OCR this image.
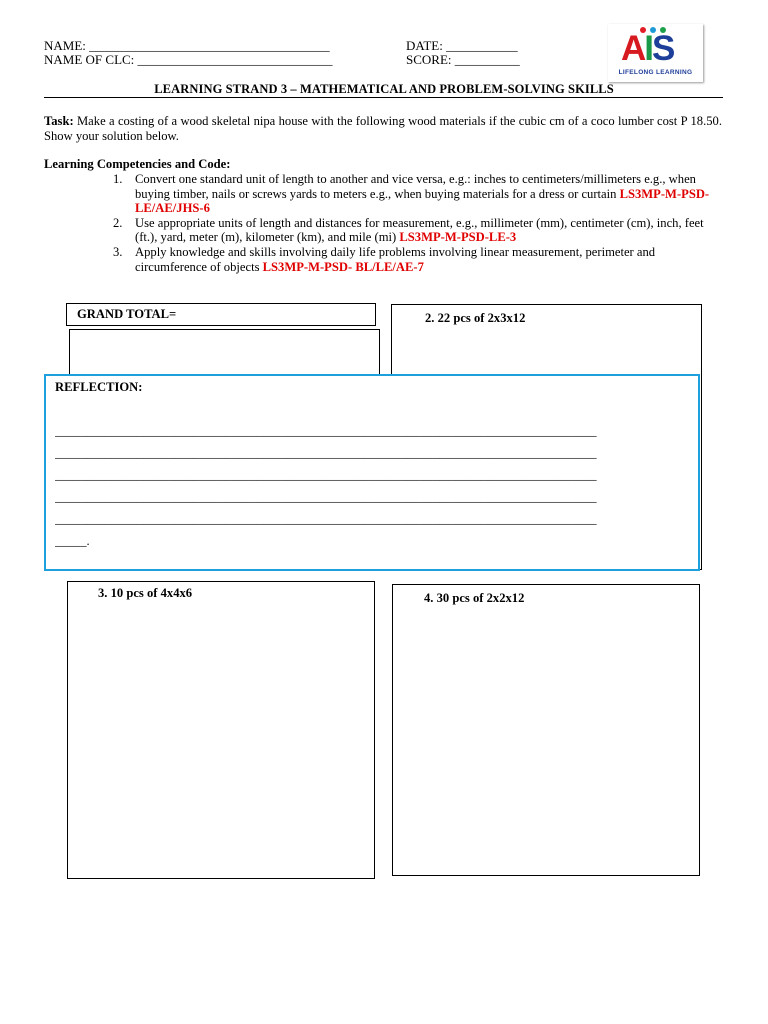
NAME: _____________________________________
NAME OF CLC: ______________________________
DATE: ___________
SCORE: __________	AIS
LIFELONG LEARNING
LEARNING STRAND 3 – MATHEMATICAL AND PROBLEM-SOLVING SKILLS
Task: Make a costing of a wood skeletal nipa house with the following wood materials if the cubic cm of a coco lumber cost P 18.50. Show your solution below.
Learning Competencies and Code:
1. Convert one standard unit of length to another and vice versa, e.g.: inches to centimeters/millimeters e.g., when buying timber, nails or screws yards to meters e.g., when buying materials for a dress or curtain LS3MP-M-PSD-LE/AE/JHS-6
2. Use appropriate units of length and distances for measurement, e.g., millimeter (mm), centimeter (cm), inch, feet (ft.), yard, meter (m), kilometer (km), and mile (mi) LS3MP-M-PSD-LE-3
3. Apply knowledge and skills involving daily life problems involving linear measurement, perimeter and circumference of objects LS3MP-M-PSD- BL/LE/AE-7
GRAND TOTAL=	2. 22 pcs of 2x3x12
REFLECTION:
______________________________________________________________________________________
______________________________________________________________________________________
______________________________________________________________________________________
______________________________________________________________________________________
______________________________________________________________________________________
_____.
3. 10 pcs of 4x4x6	4. 30 pcs of 2x2x12
